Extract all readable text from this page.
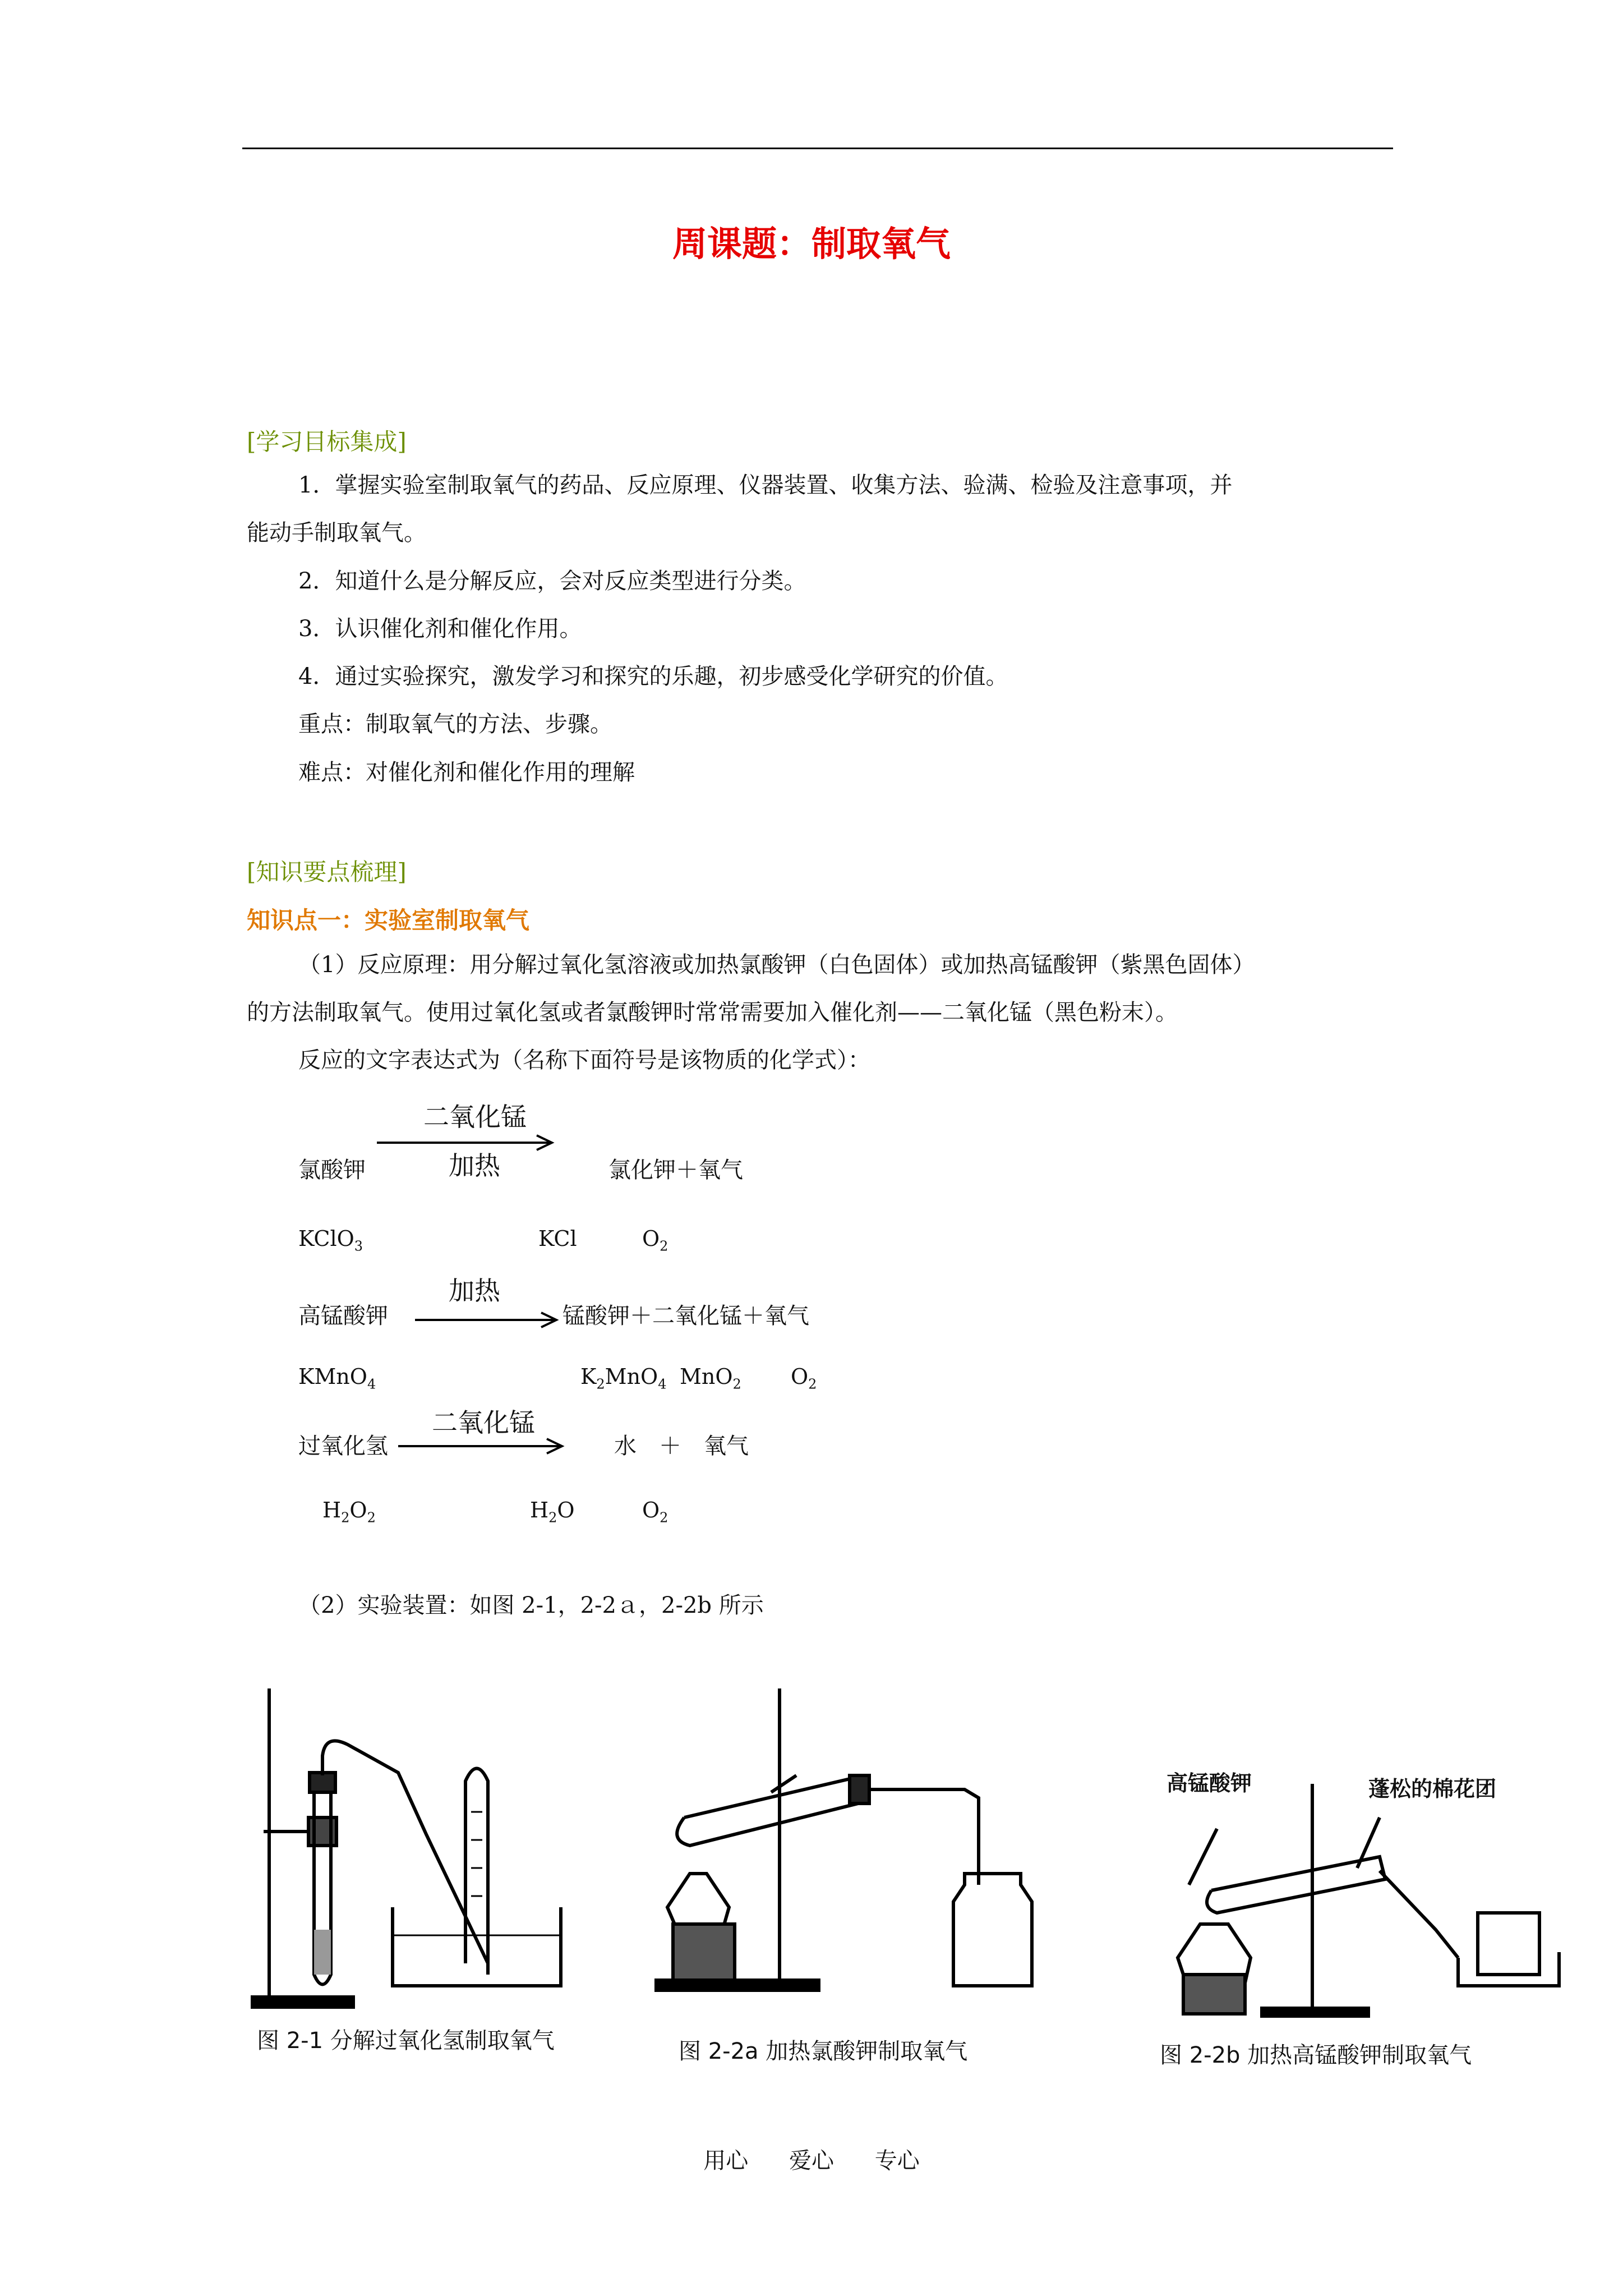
周课题：制取氧气
[学习目标集成]
1．掌握实验室制取氧气的药品、反应原理、仪器装置、收集方法、验满、检验及注意事项，并
能动手制取氧气。
2．知道什么是分解反应，会对反应类型进行分类。
3．认识催化剂和催化作用。
4．通过实验探究，激发学习和探究的乐趣，初步感受化学研究的价值。
重点：制取氧气的方法、步骤。
难点：对催化剂和催化作用的理解
[知识要点梳理]
知识点一：实验室制取氧气
（1）反应原理：用分解过氧化氢溶液或加热氯酸钾（白色固体）或加热高锰酸钾（紫黑色固体）
的方法制取氧气。使用过氧化氢或者氯酸钾时常常需要加入催化剂——二氧化锰（黑色粉末）。
反应的文字表达式为（名称下面符号是该物质的化学式）：
二氧化锰
加热
氯酸钾	氯化钾＋氧气
KClO$_3$	KCl	$O_2$
加热
高锰酸钾	锰酸钾＋二氧化锰＋氧气
KMnO$_4$	$K_2MnO_4$ MnO$_2$ $O_2$
二氧化锰
过氧化氢	水　＋　氧气
$H_2O_2$	$H_2O$	$O_2$
（2）实验装置：如图 2-1，2-2ａ，2-2b 所示
图 2-1 分解过氧化氢制取氧气	图 2-2a 加热氯酸钾制取氧气
高锰酸钾	蓬松的棉花团
图 2-2b 加热高锰酸钾制取氧气
用心 爱心 专心
